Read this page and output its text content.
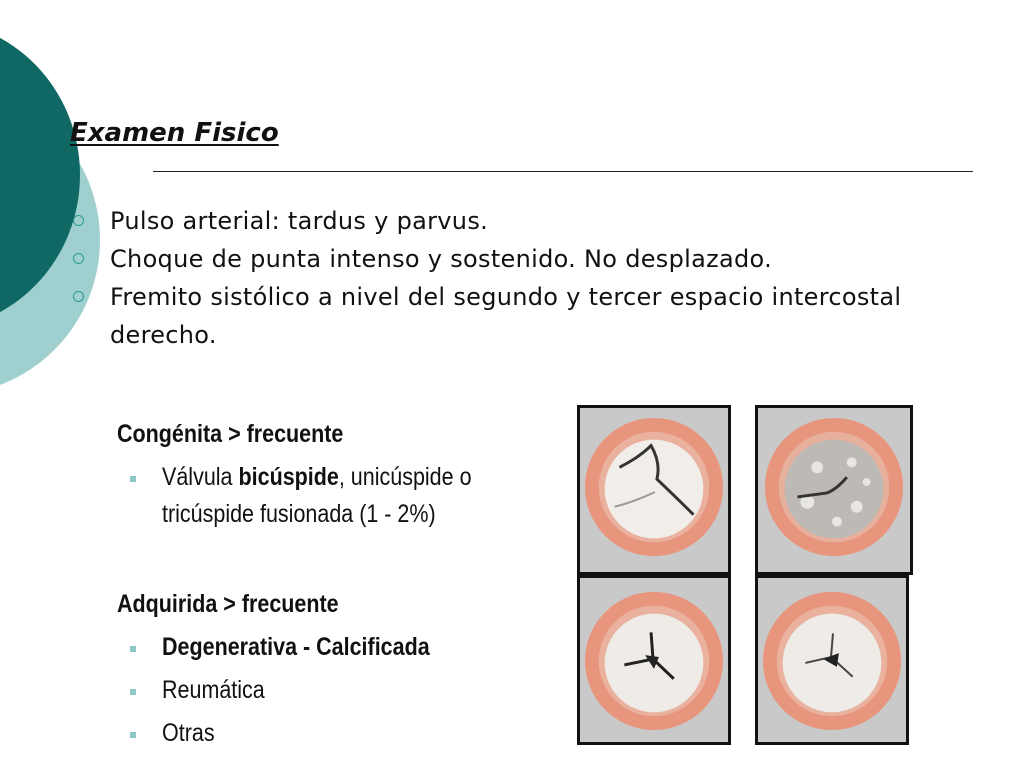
Examen Fisico
Pulso arterial: tardus y parvus.
Choque de punta intenso y sostenido. No desplazado.
Fremito sistólico a nivel del segundo y tercer espacio intercostal derecho.
Congénita > frecuente
Válvula bicúspide, unicúspide o tricúspide fusionada (1 - 2%)
Adquirida > frecuente
Degenerativa - Calcificada
Reumática
Otras
